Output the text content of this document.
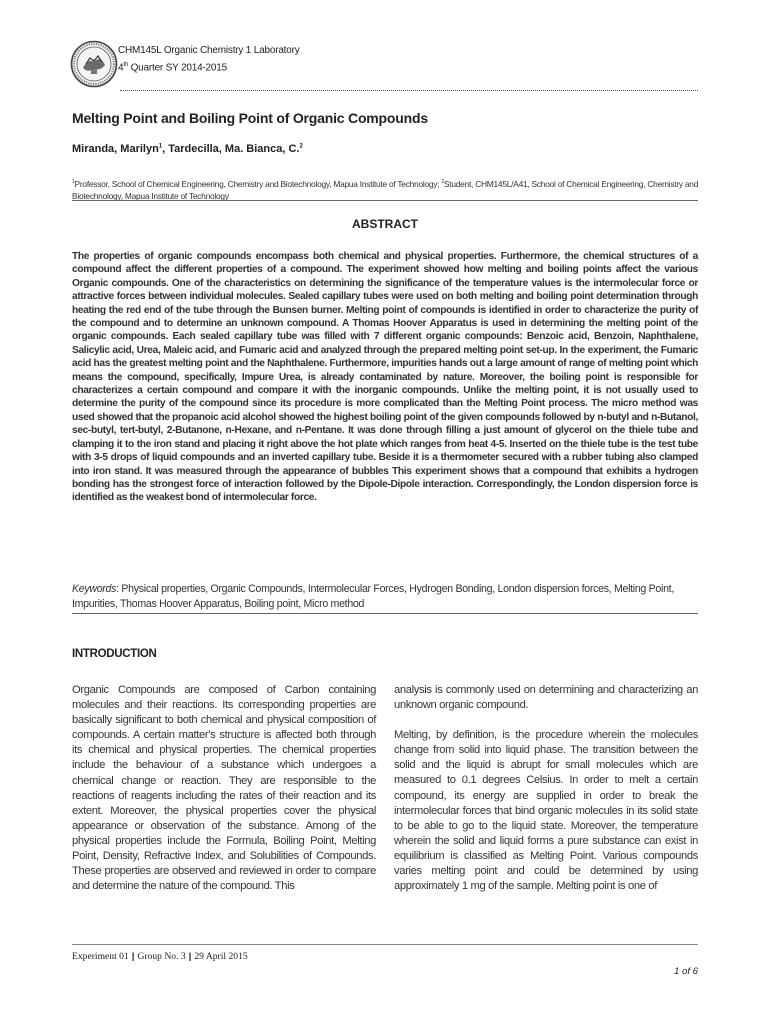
CHM145L Organic Chemistry 1 Laboratory
4th Quarter SY 2014-2015
Melting Point and Boiling Point of Organic Compounds
Miranda, Marilyn$^1$, Tardecilla, Ma. Bianca, C.$^2$
$^1$Professor, School of Chemical Engineering, Chemistry and Biotechnology, Mapua Institute of Technology; $^2$Student, CHM145L/A41, School of Chemical Engineering, Chemistry and Biotechnology, Mapua Institute of Technology
ABSTRACT
The properties of organic compounds encompass both chemical and physical properties. Furthermore, the chemical structures of a compound affect the different properties of a compound. The experiment showed how melting and boiling points affect the various Organic compounds. One of the characteristics on determining the significance of the temperature values is the intermolecular force or attractive forces between individual molecules. Sealed capillary tubes were used on both melting and boiling point determination through heating the red end of the tube through the Bunsen burner. Melting point of compounds is identified in order to characterize the purity of the compound and to determine an unknown compound. A Thomas Hoover Apparatus is used in determining the melting point of the organic compounds. Each sealed capillary tube was filled with 7 different organic compounds: Benzoic acid, Benzoin, Naphthalene, Salicylic acid, Urea, Maleic acid, and Fumaric acid and analyzed through the prepared melting point set-up. In the experiment, the Fumaric acid has the greatest melting point and the Naphthalene. Furthermore, impurities hands out a large amount of range of melting point which means the compound, specifically, Impure Urea, is already contaminated by nature. Moreover, the boiling point is responsible for characterizes a certain compound and compare it with the inorganic compounds. Unlike the melting point, it is not usually used to determine the purity of the compound since its procedure is more complicated than the Melting Point process. The micro method was used showed that the propanoic acid alcohol showed the highest boiling point of the given compounds followed by n-butyl and n-Butanol, sec-butyl, tert-butyl, 2-Butanone, n-Hexane, and n-Pentane. It was done through filling a just amount of glycerol on the thiele tube and clamping it to the iron stand and placing it right above the hot plate which ranges from heat 4-5. Inserted on the thiele tube is the test tube with 3-5 drops of liquid compounds and an inverted capillary tube. Beside it is a thermometer secured with a rubber tubing also clamped into iron stand. It was measured through the appearance of bubbles This experiment shows that a compound that exhibits a hydrogen bonding has the strongest force of interaction followed by the Dipole-Dipole interaction. Correspondingly, the London dispersion force is identified as the weakest bond of intermolecular force.
Keywords: Physical properties, Organic Compounds, Intermolecular Forces, Hydrogen Bonding, London dispersion forces, Melting Point, Impurities, Thomas Hoover Apparatus, Boiling point, Micro method
INTRODUCTION

Organic Compounds are composed of Carbon containing molecules and their reactions. Its corresponding properties are basically significant to both chemical and physical composition of compounds. A certain matter's structure is affected both through its chemical and physical properties. The chemical properties include the behaviour of a substance which undergoes a chemical change or reaction. They are responsible to the reactions of reagents including the rates of their reaction and its extent. Moreover, the physical properties cover the physical appearance or observation of the substance. Among of the physical properties include the Formula, Boiling Point, Melting Point, Density, Refractive Index, and Solubilities of Compounds. These properties are observed and reviewed in order to compare and determine the nature of the compound. This

analysis is commonly used on determining and characterizing an unknown organic compound.

Melting, by definition, is the procedure wherein the molecules change from solid into liquid phase. The transition between the solid and the liquid is abrupt for small molecules which are measured to 0.1 degrees Celsius. In order to melt a certain compound, its energy are supplied in order to break the intermolecular forces that bind organic molecules in its solid state to be able to go to the liquid state. Moreover, the temperature wherein the solid and liquid forms a pure substance can exist in equilibrium is classified as Melting Point. Various compounds varies melting point and could be determined by using approximately 1 mg of the sample. Melting point is one of

Experiment 01 | Group No. 3 | 29 April 2015
1 of 6
